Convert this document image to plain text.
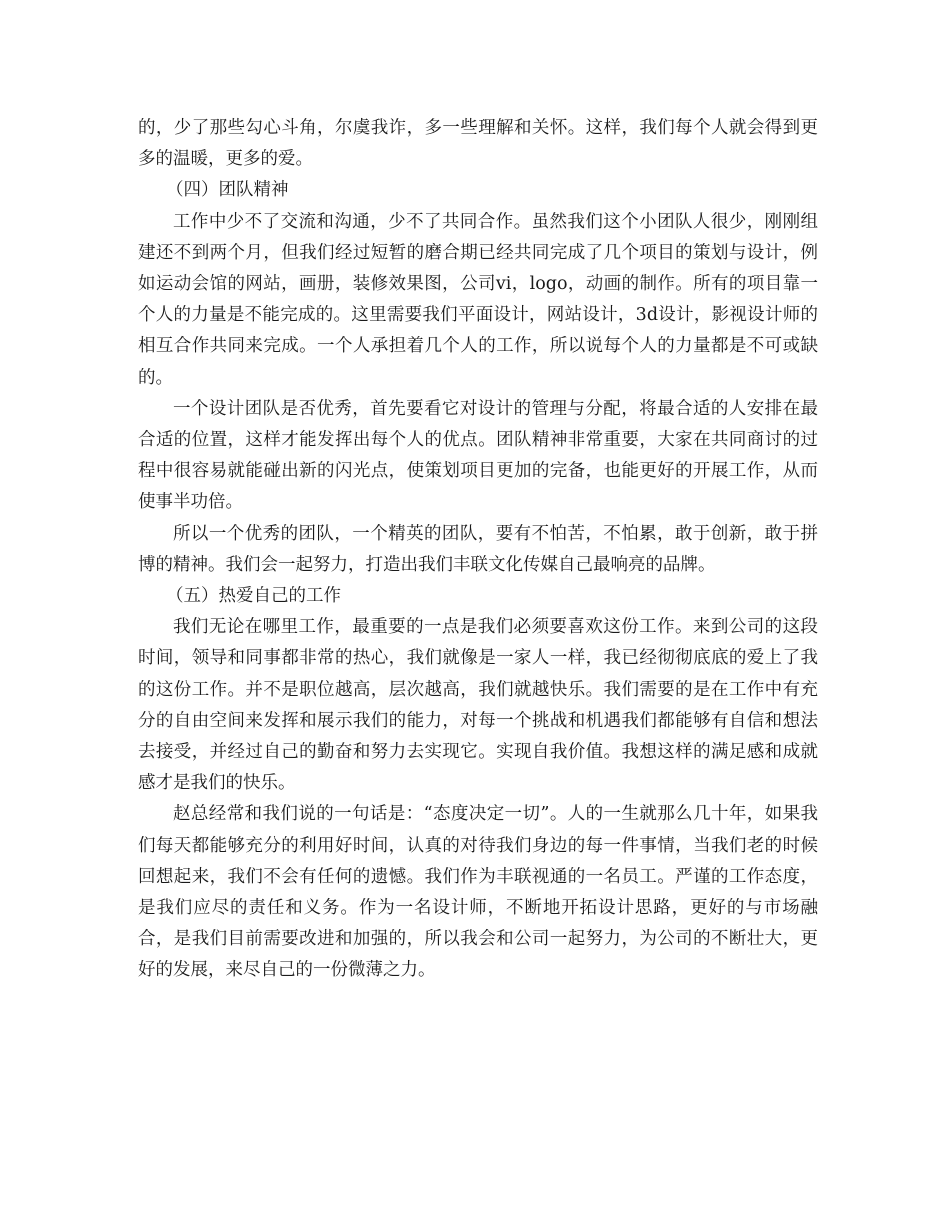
的，少了那些勾心斗角，尔虞我诈，多一些理解和关怀。这样，我们每个人就会得到更多的温暖，更多的爱。

（四）团队精神

工作中少不了交流和沟通，少不了共同合作。虽然我们这个小团队人很少，刚刚组建还不到两个月，但我们经过短暂的磨合期已经共同完成了几个项目的策划与设计，例如运动会馆的网站，画册，装修效果图，公司vi，logo，动画的制作。所有的项目靠一个人的力量是不能完成的。这里需要我们平面设计，网站设计，3d设计，影视设计师的相互合作共同来完成。一个人承担着几个人的工作，所以说每个人的力量都是不可或缺的。

一个设计团队是否优秀，首先要看它对设计的管理与分配，将最合适的人安排在最合适的位置，这样才能发挥出每个人的优点。团队精神非常重要，大家在共同商讨的过程中很容易就能碰出新的闪光点，使策划项目更加的完备，也能更好的开展工作，从而使事半功倍。

所以一个优秀的团队，一个精英的团队，要有不怕苦，不怕累，敢于创新，敢于拼博的精神。我们会一起努力，打造出我们丰联文化传媒自己最响亮的品牌。

（五）热爱自己的工作

我们无论在哪里工作，最重要的一点是我们必须要喜欢这份工作。来到公司的这段时间，领导和同事都非常的热心，我们就像是一家人一样，我已经彻彻底底的爱上了我的这份工作。并不是职位越高，层次越高，我们就越快乐。我们需要的是在工作中有充分的自由空间来发挥和展示我们的能力，对每一个挑战和机遇我们都能够有自信和想法去接受，并经过自己的勤奋和努力去实现它。实现自我价值。我想这样的满足感和成就感才是我们的快乐。

赵总经常和我们说的一句话是：“态度决定一切”。人的一生就那么几十年，如果我们每天都能够充分的利用好时间，认真的对待我们身边的每一件事情，当我们老的时候回想起来，我们不会有任何的遗憾。我们作为丰联视通的一名员工。严谨的工作态度，是我们应尽的责任和义务。作为一名设计师，不断地开拓设计思路，更好的与市场融合，是我们目前需要改进和加强的，所以我会和公司一起努力，为公司的不断壮大，更好的发展，来尽自己的一份微薄之力。
